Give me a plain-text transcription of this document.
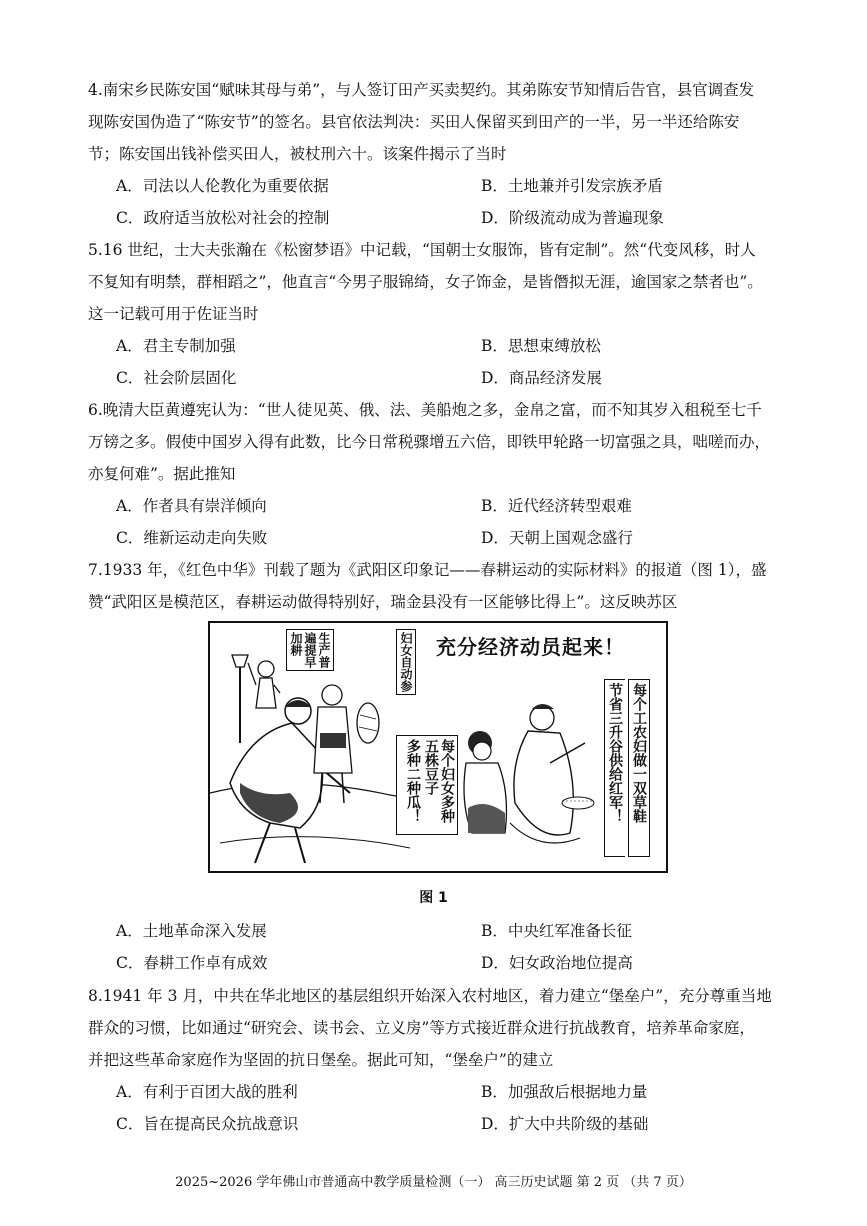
4.南宋乡民陈安国“赋味其母与弟”，与人签订田产买卖契约。其弟陈安节知情后告官，县官调查发
现陈安国伪造了“陈安节”的签名。县官依法判决：买田人保留买到田产的一半，另一半还给陈安
节；陈安国出钱补偿买田人，被杖刑六十。该案件揭示了当时
A．司法以人伦教化为重要依据	B．土地兼并引发宗族矛盾
C．政府适当放松对社会的控制	D．阶级流动成为普遍现象
5.16 世纪，士大夫张瀚在《松窗梦语》中记载，“国朝士女服饰，皆有定制”。然“代变风移，时人
不复知有明禁，群相蹈之”，他直言“今男子服锦绮，女子饰金，是皆僭拟无涯，逾国家之禁者也”。
这一记载可用于佐证当时
A．君主专制加强	B．思想束缚放松
C．社会阶层固化	D．商品经济发展
6.晚清大臣黄遵宪认为：“世人徒见英、俄、法、美船炮之多，金帛之富，而不知其岁入租税至七千
万镑之多。假使中国岁入得有此数，比今日常税骤增五六倍，即铁甲轮路一切富强之具，咄嗟而办，
亦复何难”。据此推知
A．作者具有崇洋倾向	B．近代经济转型艰难
C．维新运动走向失败	D．天朝上国观念盛行
7.1933 年，《红色中华》刊载了题为《武阳区印象记——春耕运动的实际材料》的报道（图 1），盛
赞“武阳区是模范区，春耕运动做得特别好，瑞金县没有一区能够比得上”。这反映苏区
充分经济动员起来！
生产普遍提早加耕	妇女自动参
每个妇女多种五株豆子
多种二种瓜！	每个工农妇做一双草鞋
节省三升谷供给红军！
图 1
A．土地革命深入发展	B．中央红军准备长征
C．春耕工作卓有成效	D．妇女政治地位提高
8.1941 年 3 月，中共在华北地区的基层组织开始深入农村地区，着力建立“堡垒户”，充分尊重当地
群众的习惯，比如通过“研究会、读书会、立义房”等方式接近群众进行抗战教育，培养革命家庭，
并把这些革命家庭作为坚固的抗日堡垒。据此可知，“堡垒户”的建立
A．有利于百团大战的胜利	B．加强敌后根据地力量
C．旨在提高民众抗战意识	D．扩大中共阶级的基础
2025~2026 学年佛山市普通高中教学质量检测（一） 高三历史试题 第 2 页 （共 7 页）
